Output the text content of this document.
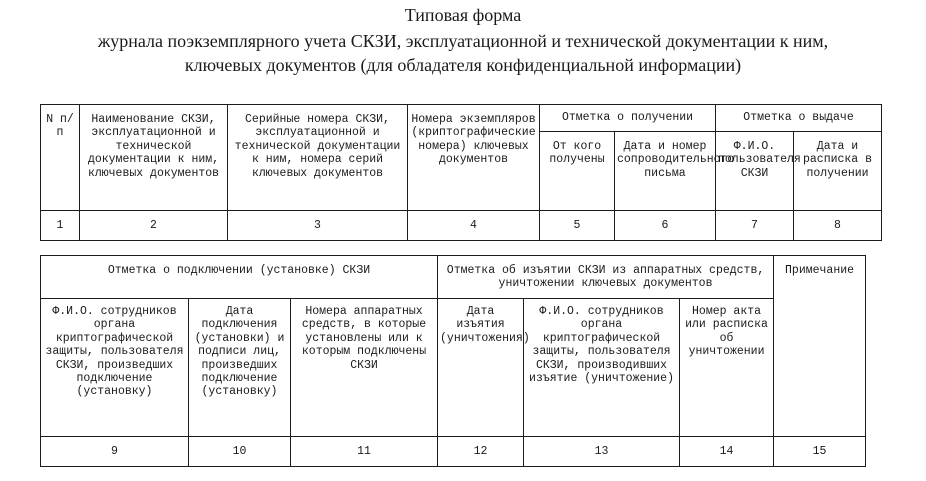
Типовая форма
журнала поэкземплярного учета СКЗИ, эксплуатационной и технической документации к ним,
ключевых документов (для обладателя конфиденциальной информации)
N п/п	Наименование СКЗИ, эксплуатационной и технической документации к ним, ключевых документов	Серийные номера СКЗИ, эксплуатационной и технической документации к ним, номера серий ключевых документов	Номера экземпляров (криптографические номера) ключевых документов	Отметка о получении		Отметка о выдаче	
				От кого получены	Дата и номер сопроводительного письма	Ф.И.О. пользователя СКЗИ	Дата и расписка в получении
1	2	3	4	5	6	7	8
Отметка о подключении (установке) СКЗИ			Отметка об изъятии СКЗИ из аппаратных средств, уничтожении ключевых документов			Примечание
Ф.И.О. сотрудников органа криптографической защиты, пользователя СКЗИ, произведших подключение (установку)	Дата подключения (установки) и подписи лиц, произведших подключение (установку)	Номера аппаратных средств, в которые установлены или к которым подключены СКЗИ	Дата изъятия (уничтожения)	Ф.И.О. сотрудников органа криптографической защиты, пользователя СКЗИ, производивших изъятие (уничтожение)	Номер акта или расписка об уничтожении	
9	10	11	12	13	14	15
